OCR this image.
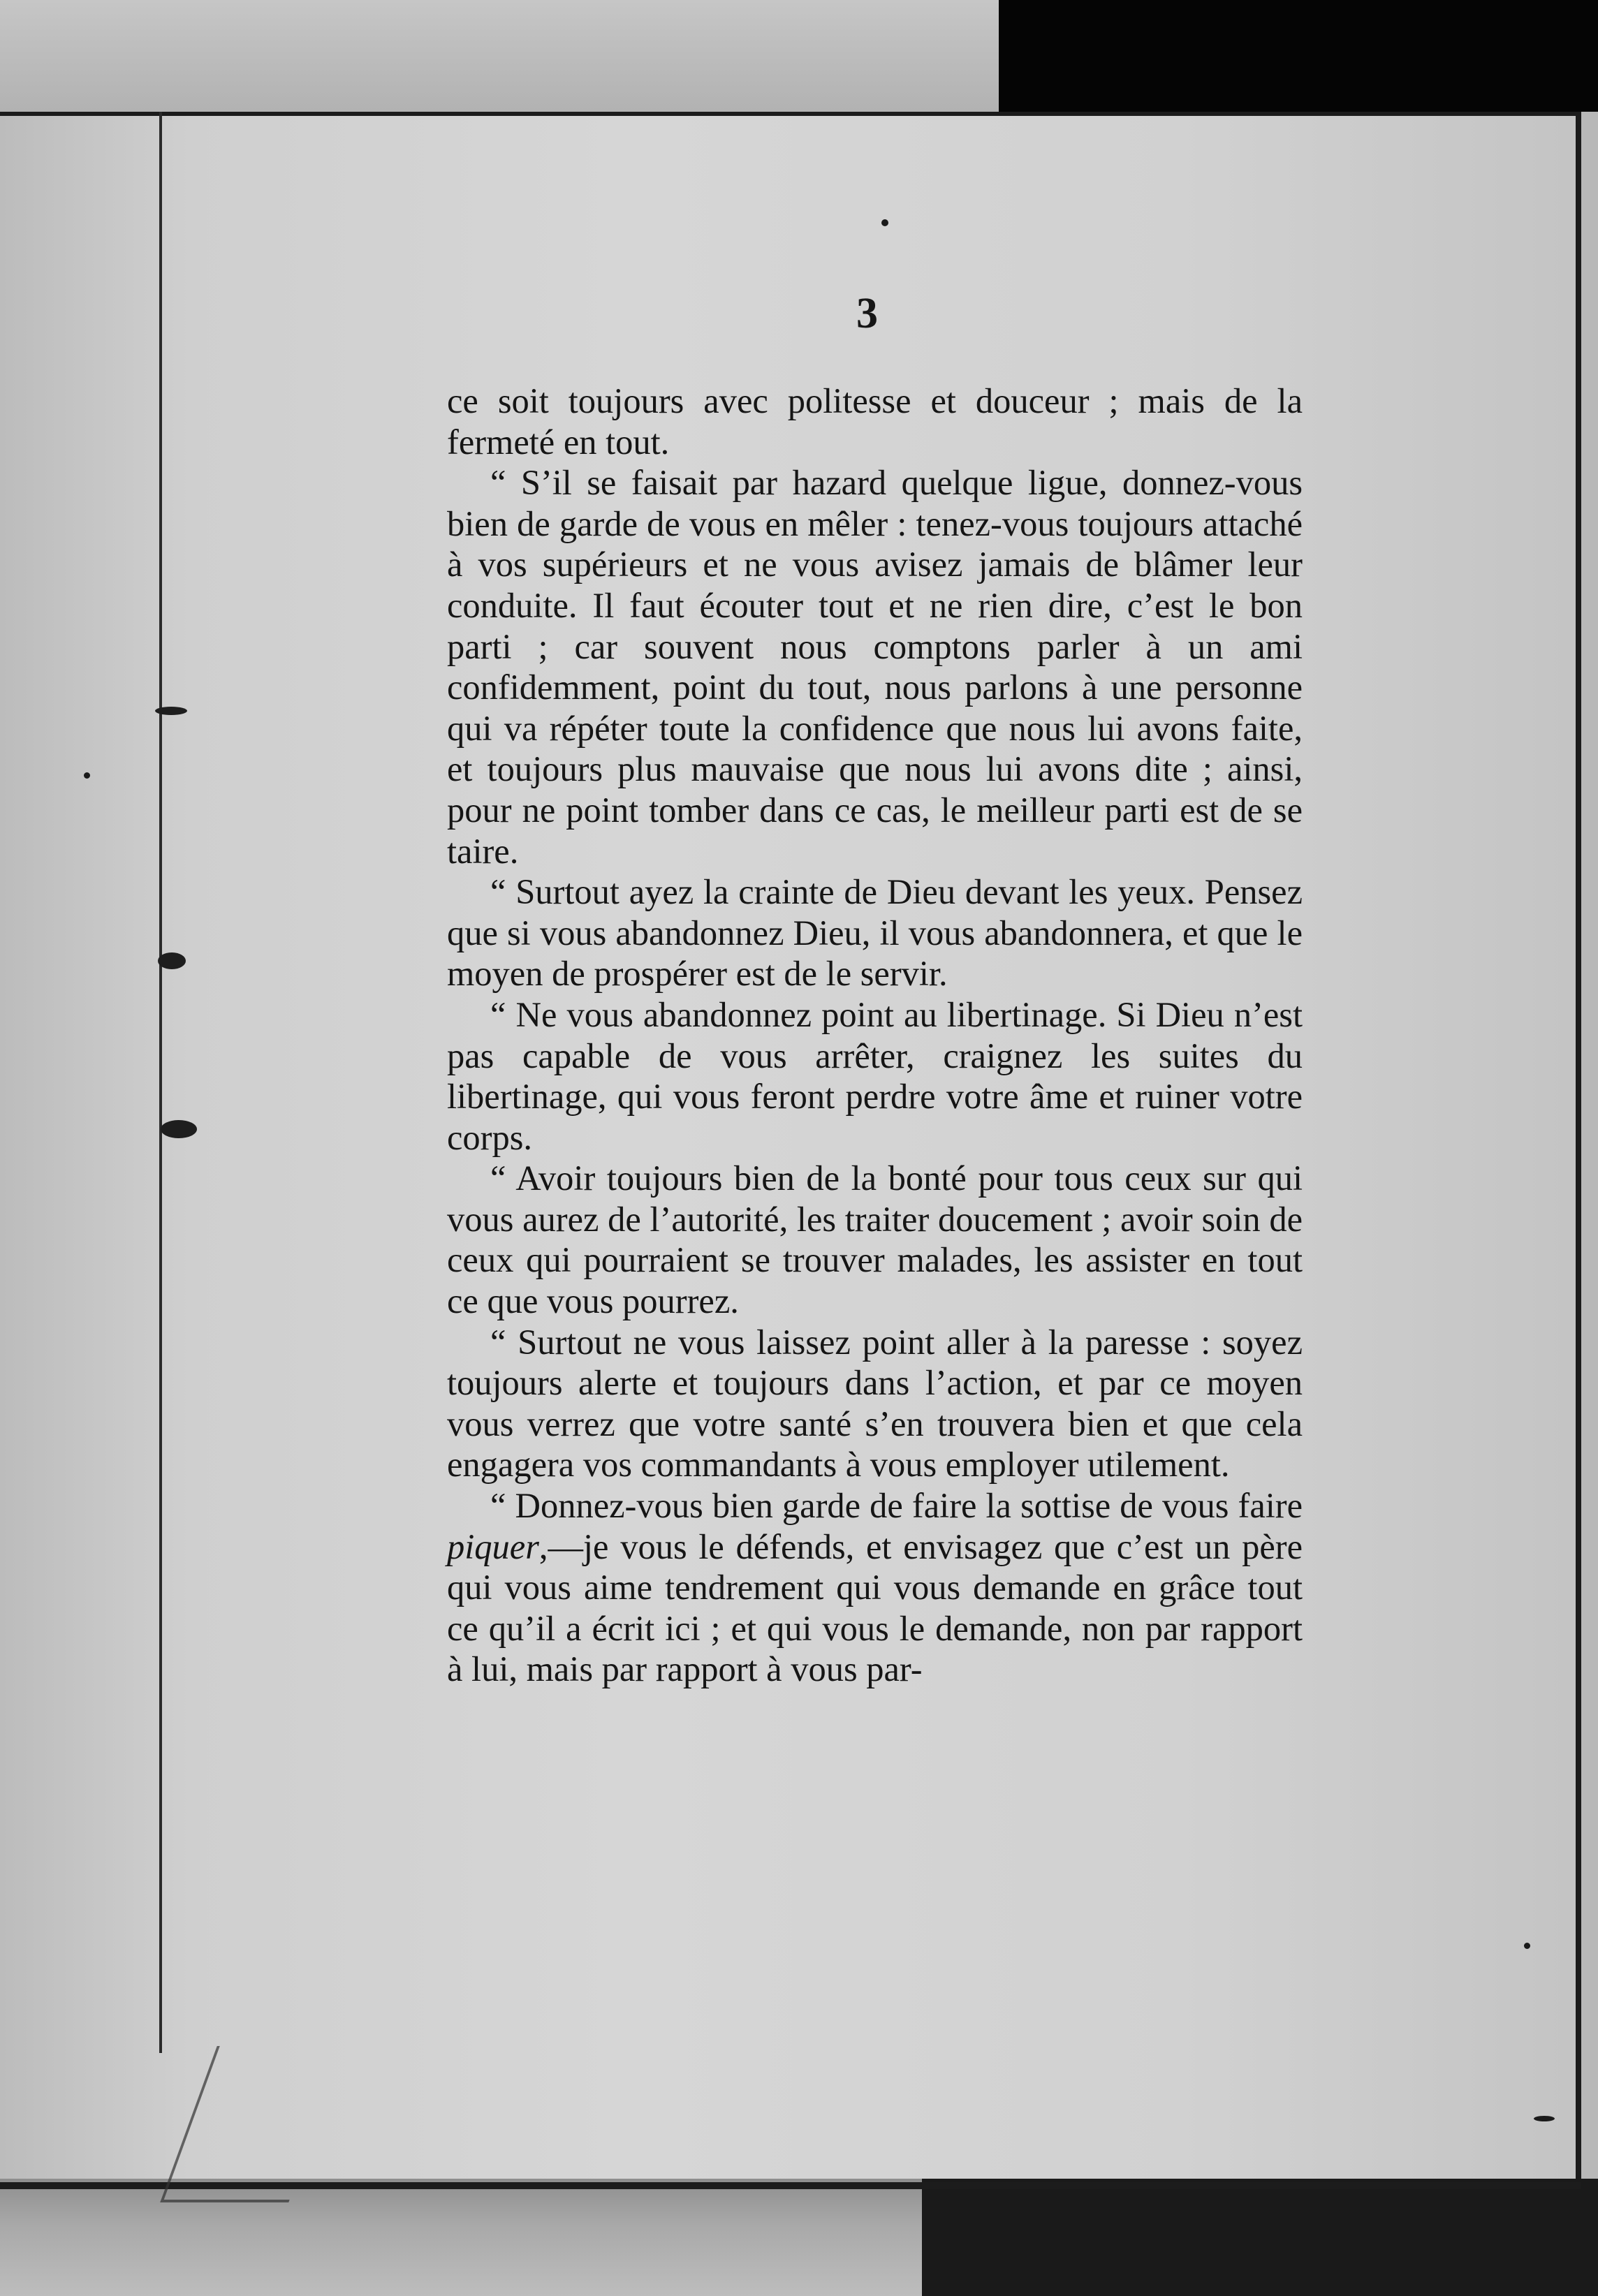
3

ce soit toujours avec politesse et douceur ; mais de la fermeté en tout.

“ S’il se faisait par hazard quelque ligue, donnez-vous bien de garde de vous en mêler : tenez-vous toujours attaché à vos supérieurs et ne vous avisez jamais de blâmer leur conduite. Il faut écouter tout et ne rien dire, c’est le bon parti ; car souvent nous comptons parler à un ami confidemment, point du tout, nous parlons à une personne qui va répéter toute la confidence que nous lui avons faite, et toujours plus mauvaise que nous lui avons dite ; ainsi, pour ne point tomber dans ce cas, le meilleur parti est de se taire.

“ Surtout ayez la crainte de Dieu devant les yeux. Pensez que si vous abandonnez Dieu, il vous abandonnera, et que le moyen de prospérer est de le servir.

“ Ne vous abandonnez point au libertinage. Si Dieu n’est pas capable de vous arrêter, craignez les suites du libertinage, qui vous feront perdre votre âme et ruiner votre corps.

“ Avoir toujours bien de la bonté pour tous ceux sur qui vous aurez de l’autorité, les traiter doucement ; avoir soin de ceux qui pourraient se trouver malades, les assister en tout ce que vous pourrez.

“ Surtout ne vous laissez point aller à la paresse : soyez toujours alerte et toujours dans l’action, et par ce moyen vous verrez que votre santé s’en trouvera bien et que cela engagera vos commandants à vous employer utilement.

“ Donnez-vous bien garde de faire la sottise de vous faire piquer,—je vous le défends, et envisagez que c’est un père qui vous aime tendrement qui vous demande en grâce tout ce qu’il a écrit ici ; et qui vous le demande, non par rapport à lui, mais par rapport à vous par-
